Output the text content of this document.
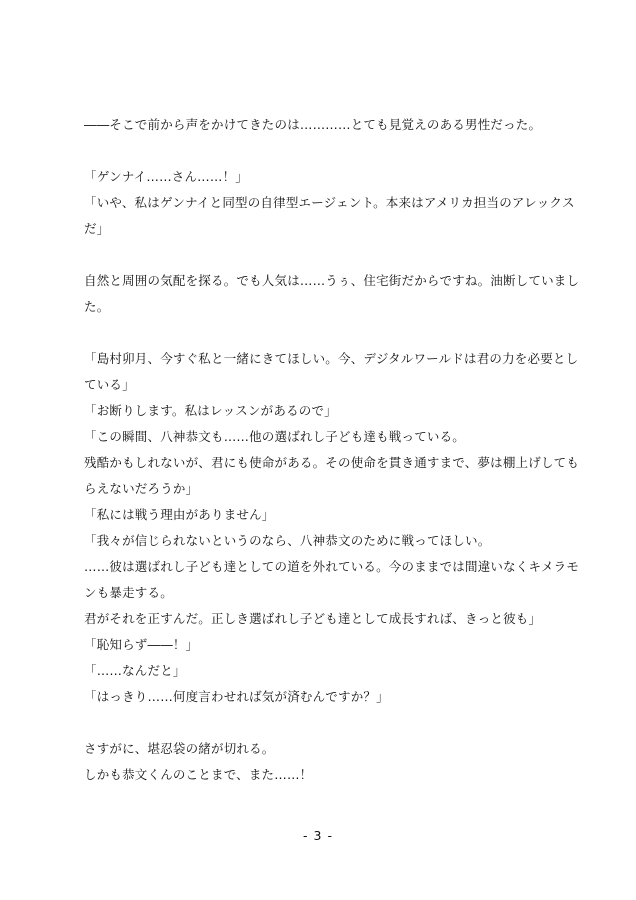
――そこで前から声をかけてきたのは…………とても見覚えのある男性だった。
「ゲンナイ……さん……！」
「いや、私はゲンナイと同型の自律型エージェント。本来はアメリカ担当のアレックス
だ」
自然と周囲の気配を探る。でも人気は……うぅ、住宅街だからですね。油断していまし
た。
「島村卯月、今すぐ私と一緒にきてほしい。今、デジタルワールドは君の力を必要とし
ている」
「お断りします。私はレッスンがあるので」
「この瞬間、八神恭文も……他の選ばれし子ども達も戦っている。
残酷かもしれないが、君にも使命がある。その使命を貫き通すまで、夢は棚上げしても
らえないだろうか」
「私には戦う理由がありません」
「我々が信じられないというのなら、八神恭文のために戦ってほしい。
……彼は選ばれし子ども達としての道を外れている。今のままでは間違いなくキメラモ
ンも暴走する。
君がそれを正すんだ。正しき選ばれし子ども達として成長すれば、きっと彼も」
「恥知らず――！」
「……なんだと」
「はっきり……何度言わせれば気が済むんですか？」
さすがに、堪忍袋の緒が切れる。
しかも恭文くんのことまで、また……！
- 3 -
